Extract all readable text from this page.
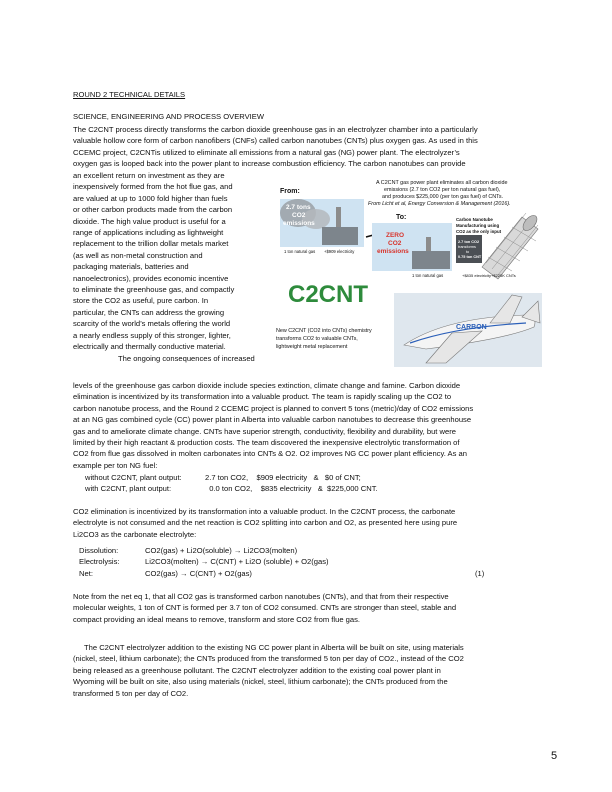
ROUND 2 TECHNICAL DETAILS
SCIENCE, ENGINEERING AND PROCESS OVERVIEW
The C2CNT process directly transforms the carbon dioxide greenhouse gas in an electrolyzer chamber into a particularly
valuable hollow core form of carbon nanofibers (CNFs) called carbon nanotubes (CNTs) plus oxygen gas. As used in this
CCEMC project, C2CNTis utilized to eliminate all emissions from a natural gas (NG) power plant. The electrolyzer’s
oxygen gas is looped back into the power plant to increase combustion efficiency. The carbon nanotubes can provide
an excellent return on investment as they are
inexpensively formed from the hot flue gas, and
are valued at up to 1000 fold higher than fuels
or other carbon products made from the carbon
dioxide. The high value product is useful for a
range of applications including as lightweight
replacement to the trillion dollar metals market
(as well as non-metal construction and
packaging materials, batteries and
nanoelectronics), provides economic incentive
to eliminate the greenhouse gas, and compactly
store the CO2 as useful, pure carbon. In
particular, the CNTs can address the growing
scarcity of the world’s metals offering the world
a nearly endless supply of this stronger, lighter,
electrically and thermally conductive material.
The ongoing consequences of increased
A C2CNT gas power plant eliminates all carbon dioxide
emissions (2.7 ton CO2 per ton natural gas fuel),
and produces $225,000 (per ton gas fuel) of CNTs.
From Licht et al, Energy Conversion & Management (2016).
From:
2.7 tons
CO2
emissions
1 ton natural gas +$909 electricity
To:
ZERO
CO2
emissions
Carbon Nanotube
Manufacturing using
CO2 as the only input
2.7 ton CO2
transforms
to
0.75 ton CNT
1 ton natural gas	+$835 electricity+$225K CNTs
C2CNT
New C2CNT (CO2 into CNTs) chemistry
transforms CO2 to valuable CNTs,
lightweight metal replacement
CARBON
levels of the greenhouse gas carbon dioxide include species extinction, climate change and famine. Carbon dioxide
elimination is incentivized by its transformation into a valuable product. The team is rapidly scaling up the CO2 to
carbon nanotube process, and the Round 2 CCEMC project is planned to convert 5 tons (metric)/day of CO2 emissions
at an NG gas combined cycle (CC) power plant in Alberta into valuable carbon nanotubes to decrease this greenhouse
gas and to ameliorate climate change. CNTs have superior strength, conductivity, flexibility and durability, but were
limited by their high reactant & production costs. The team discovered the inexpensive electrolytic transformation of
CO2 from flue gas dissolved in molten carbonates into CNTs & O2. O2 improves NG CC power plant efficiency. As an
example per ton NG fuel:
without C2CNT, plant output:	2.7 ton CO2,    $909 electricity   &   $0 of CNT;
with C2CNT, plant output:	0.0 ton CO2,    $835 electricity   &  $225,000 CNT.
CO2 elimination is incentivized by its transformation into a valuable product. In the C2CNT process, the carbonate
electrolyte is not consumed and the net reaction is CO2 splitting into carbon and O2, as presented here using pure
Li2CO3 as the carbonate electrolyte:
Dissolution:	CO2(gas) + Li2O(soluble) → Li2CO3(molten)
Electrolysis:	Li2CO3(molten) → C(CNT) + Li2O (soluble) + O2(gas)
Net:	CO2(gas) → C(CNT) + O2(gas)	(1)
Note from the net eq 1, that all CO2 gas is transformed carbon nanotubes (CNTs), and that from their respective
molecular weights, 1 ton of CNT is formed per 3.7 ton of CO2 consumed. CNTs are stronger than steel, stable and
compact providing an ideal means to remove, transform and store CO2 from flue gas.
The C2CNT electrolyzer addition to the existing NG CC power plant in Alberta will be built on site, using materials
(nickel, steel, lithium carbonate); the CNTs produced from the transformed 5 ton per day of CO2., instead of the CO2
being released as a greenhouse pollutant. The C2CNT electrolyzer addition to the existing coal power plant in
Wyoming will be built on site, also using materials (nickel, steel, lithium carbonate); the CNTs produced from the
transformed 5 ton per day of CO2.
5
